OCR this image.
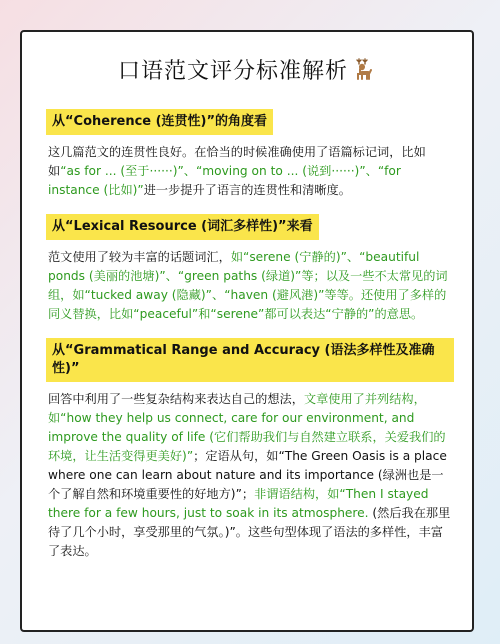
口语范文评分标准解析
从“Coherence (连贯性)”的角度看

这几篇范文的连贯性良好。在恰当的时候准确使用了语篇标记词，比如如“as for ... (至于······)”、“moving on to ... (说到······)”、“for instance (比如)”进一步提升了语言的连贯性和清晰度。

从“Lexical Resource (词汇多样性)”来看

范文使用了较为丰富的话题词汇，如“serene (宁静的)”、“beautiful ponds (美丽的池塘)”、“green paths (绿道)”等；以及一些不太常见的词组，如“tucked away (隐藏)”、“haven (避风港)”等等。还使用了多样的同义替换，比如“peaceful”和“serene”都可以表达“宁静的”的意思。

从“Grammatical Range and Accuracy (语法多样性及准确性)”

回答中利用了一些复杂结构来表达自己的想法，文章使用了并列结构，如“how they help us connect, care for our environment, and improve the quality of life (它们帮助我们与自然建立联系，关爱我们的环境，让生活变得更美好)”；定语从句，如“The Green Oasis is a place where one can learn about nature and its importance (绿洲也是一个了解自然和环境重要性的好地方)”；非谓语结构，如“Then I stayed there for a few hours, just to soak in its atmosphere. (然后我在那里待了几个小时，享受那里的气氛。)”。这些句型体现了语法的多样性，丰富了表达。
